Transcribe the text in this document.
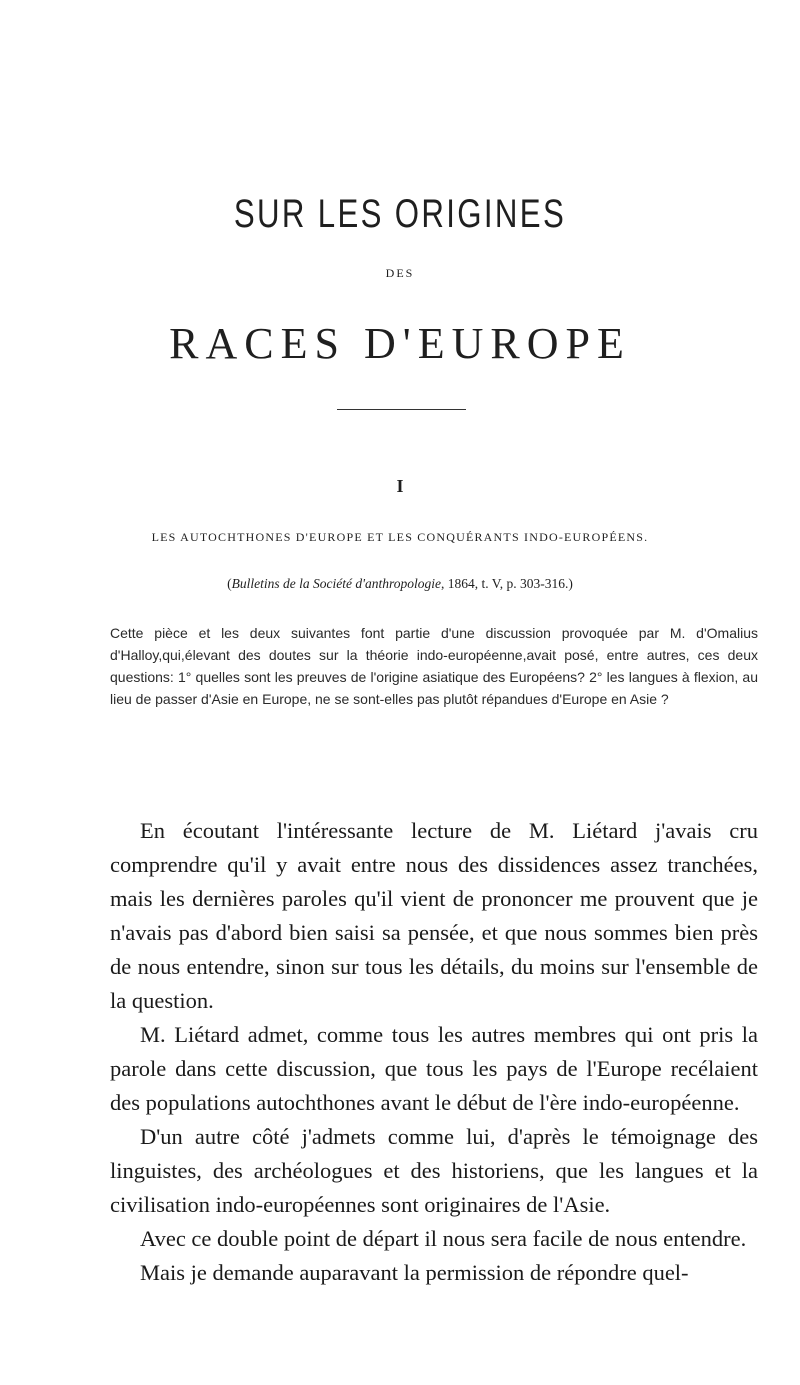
SUR LES ORIGINES
DES
RACES D'EUROPE
I
LES AUTOCHTHONES D'EUROPE ET LES CONQUÉRANTS INDO-EUROPÉENS.

(Bulletins de la Société d'anthropologie, 1864, t. V, p. 303-316.)

Cette pièce et les deux suivantes font partie d'une discussion provoquée par M. d'Omalius d'Halloy,qui,élevant des doutes sur la théorie indo-européenne,avait posé, entre autres, ces deux questions: 1° quelles sont les preuves de l'origine asiatique des Européens? 2° les langues à flexion, au lieu de passer d'Asie en Europe, ne se sont-elles pas plutôt répandues d'Europe en Asie ?

En écoutant l'intéressante lecture de M. Liétard j'avais cru comprendre qu'il y avait entre nous des dissidences assez tranchées, mais les dernières paroles qu'il vient de prononcer me prouvent que je n'avais pas d'abord bien saisi sa pensée, et que nous sommes bien près de nous entendre, sinon sur tous les détails, du moins sur l'ensemble de la question.

M. Liétard admet, comme tous les autres membres qui ont pris la parole dans cette discussion, que tous les pays de l'Europe recélaient des populations autochthones avant le début de l'ère indo-européenne.

D'un autre côté j'admets comme lui, d'après le témoignage des linguistes, des archéologues et des historiens, que les langues et la civilisation indo-européennes sont originaires de l'Asie.

Avec ce double point de départ il nous sera facile de nous entendre.

Mais je demande auparavant la permission de répondre quel-
